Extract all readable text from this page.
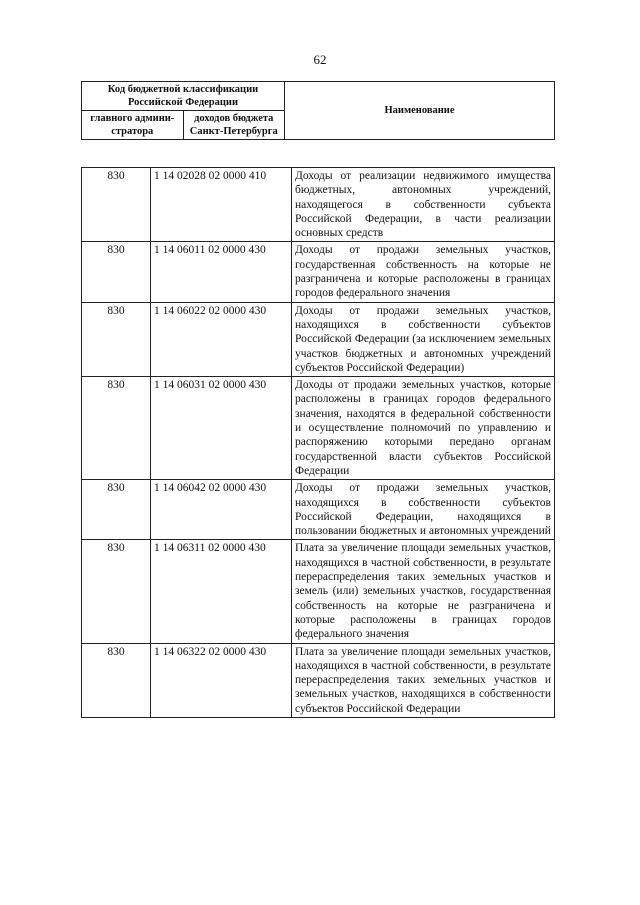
62
Код бюджетной классификации Российской Федерации		Наименование
главного админи-стратора	доходов бюджета Санкт-Петербурга	
830	1 14 02028 02 0000 410	Доходы от реализации недвижимого имущества бюджетных, автономных учреждений, находящегося в собственности субъекта Российской Федерации, в части реализации основных средств
830	1 14 06011 02 0000 430	Доходы от продажи земельных участков, государственная собственность на которые не разграничена и которые расположены в границах городов федерального значения
830	1 14 06022 02 0000 430	Доходы от продажи земельных участков, находящихся в собственности субъектов Российской Федерации (за исключением земельных участков бюджетных и автономных учреждений субъектов Российской Федерации)
830	1 14 06031 02 0000 430	Доходы от продажи земельных участков, которые расположены в границах городов федерального значения, находятся в федеральной собственности и осуществление полномочий по управлению и распоряжению которыми передано органам государственной власти субъектов Российской Федерации
830	1 14 06042 02 0000 430	Доходы от продажи земельных участков, находящихся в собственности субъектов Российской Федерации, находящихся в пользовании бюджетных и автономных учреждений
830	1 14 06311 02 0000 430	Плата за увеличение площади земельных участков, находящихся в частной собственности, в результате перераспределения таких земельных участков и земель (или) земельных участков, государственная собственность на которые не разграничена и которые расположены в границах городов федерального значения
830	1 14 06322 02 0000 430	Плата за увеличение площади земельных участков, находящихся в частной собственности, в результате перераспределения таких земельных участков и земельных участков, находящихся в собственности субъектов Российской Федерации
